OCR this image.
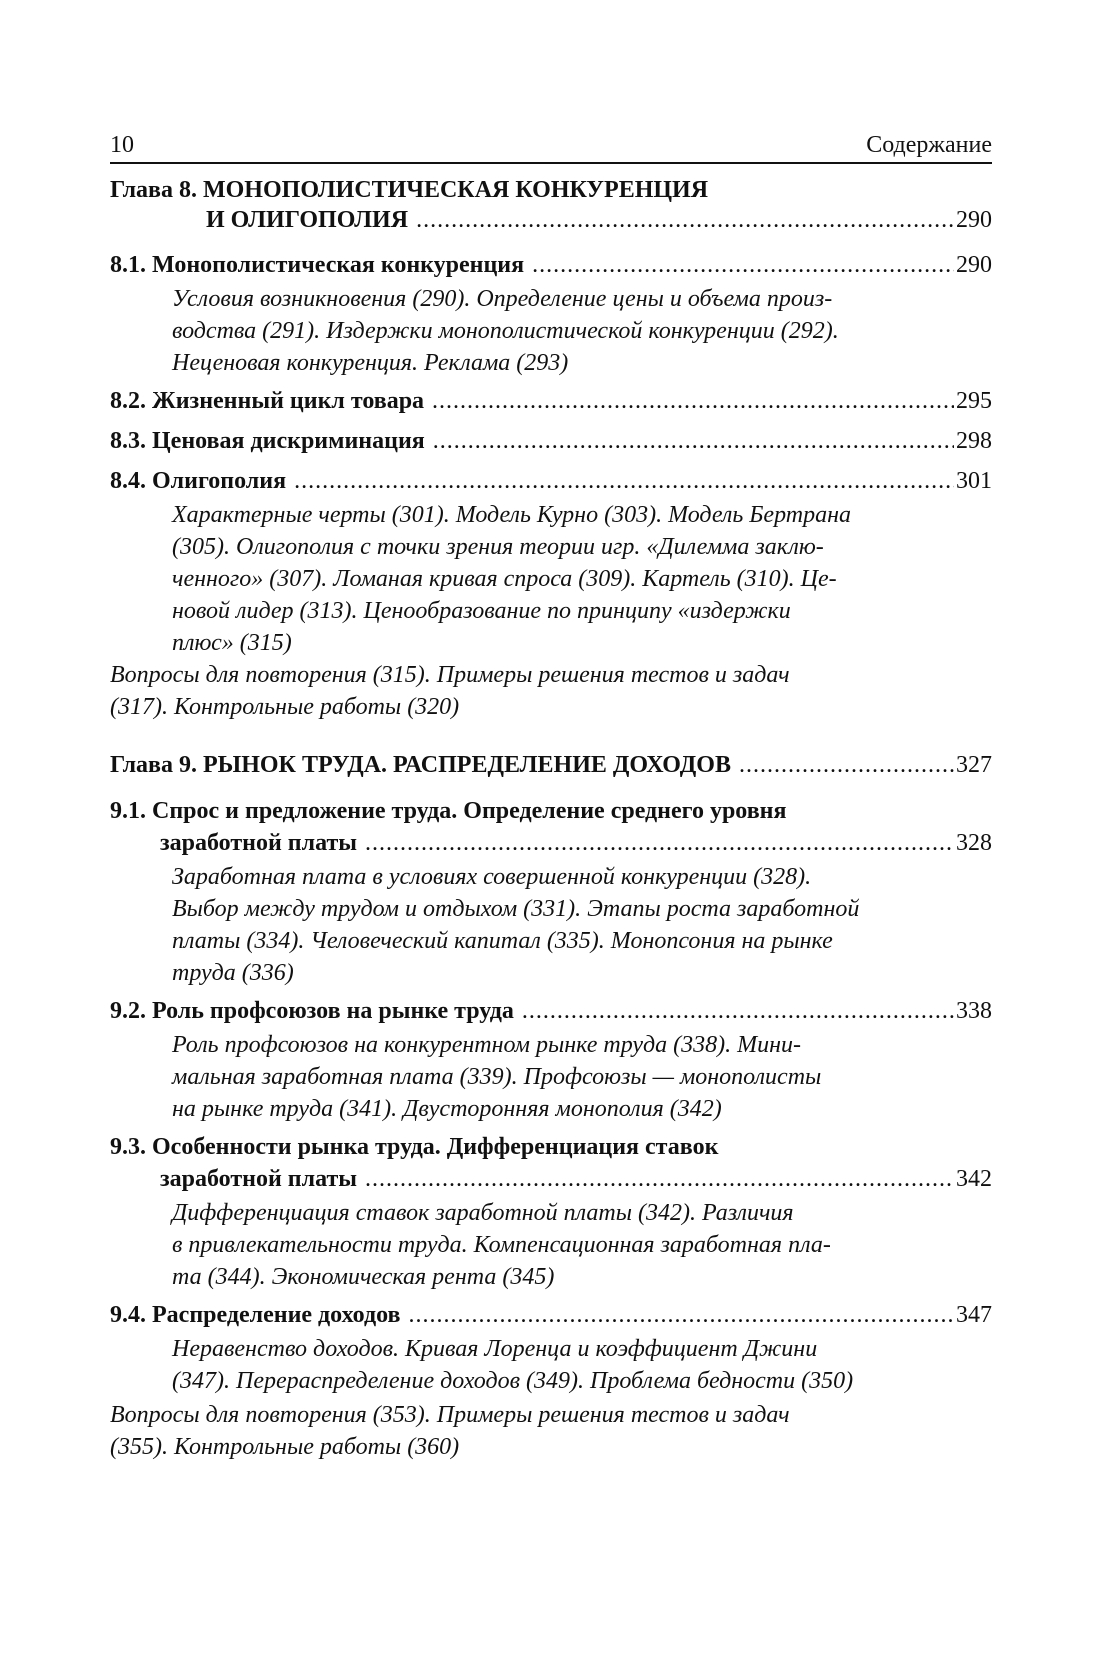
10	Содержание
Глава 8. МОНОПОЛИСТИЧЕСКАЯ КОНКУРЕНЦИЯ
И ОЛИГОПОЛИЯ .....	290
8.1. Монополистическая конкуренция .....	290
Условия возникновения (290). Определение цены и объема произ-
водства (291). Издержки монополистической конкуренции (292).
Неценовая конкуренция. Реклама (293)
8.2. Жизненный цикл товара .....	295
8.3. Ценовая дискриминация .....	298
8.4. Олигополия .....	301
Характерные черты (301). Модель Курно (303). Модель Бертрана
(305). Олигополия с точки зрения теории игр. «Дилемма заклю-
ченного» (307). Ломаная кривая спроса (309). Картель (310). Це-
новой лидер (313). Ценообразование по принципу «издержки
плюс» (315)
Вопросы для повторения (315). Примеры решения тестов и задач
(317). Контрольные работы (320)
Глава 9. РЫНОК ТРУДА. РАСПРЕДЕЛЕНИЕ ДОХОДОВ .....	327
9.1. Спрос и предложение труда. Определение среднего уровня
заработной платы .....	328
Заработная плата в условиях совершенной конкуренции (328).
Выбор между трудом и отдыхом (331). Этапы роста заработной
платы (334). Человеческий капитал (335). Монопсония на рынке
труда (336)
9.2. Роль профсоюзов на рынке труда .....	338
Роль профсоюзов на конкурентном рынке труда (338). Мини-
мальная заработная плата (339). Профсоюзы — монополисты
на рынке труда (341). Двусторонняя монополия (342)
9.3. Особенности рынка труда. Дифференциация ставок
заработной платы .....	342
Дифференциация ставок заработной платы (342). Различия
в привлекательности труда. Компенсационная заработная пла-
та (344). Экономическая рента (345)
9.4. Распределение доходов .....	347
Неравенство доходов. Кривая Лоренца и коэффициент Джини
(347). Перераспределение доходов (349). Проблема бедности (350)
Вопросы для повторения (353). Примеры решения тестов и задач
(355). Контрольные работы (360)
